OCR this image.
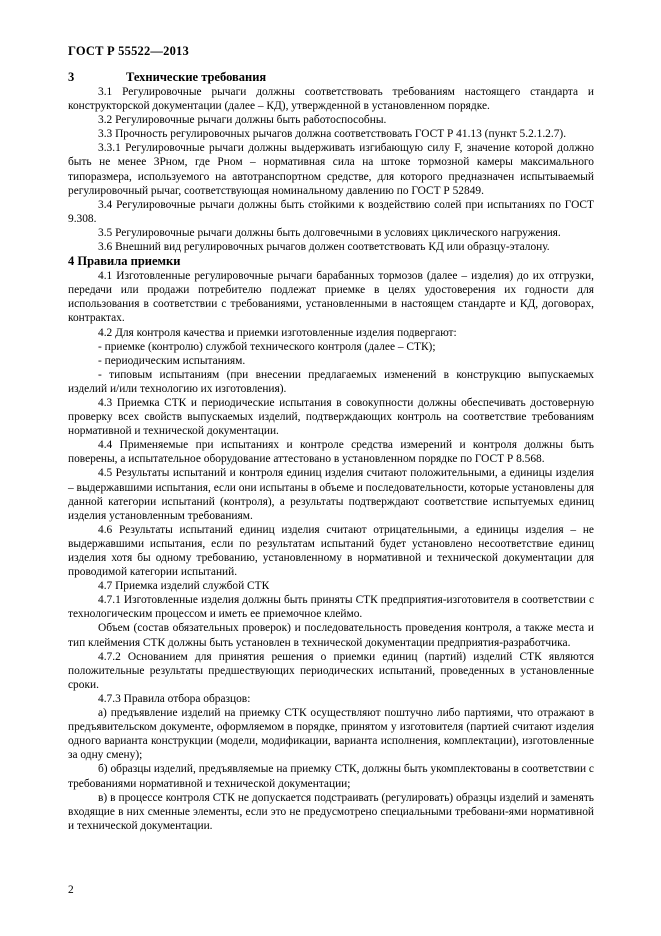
ГОСТ Р 55522—2013
3	Технические требования

3.1 Регулировочные рычаги должны соответствовать требованиям настоящего стандарта и конструкторской документации (далее – КД), утвержденной в установленном порядке.

3.2 Регулировочные рычаги должны быть работоспособны.

3.3 Прочность регулировочных рычагов должна соответствовать ГОСТ Р 41.13 (пункт 5.2.1.2.7).

3.3.1 Регулировочные рычаги должны выдерживать изгибающую силу F, значение которой должно быть не менее 3Pном, где Pном – нормативная сила на штоке тормозной камеры максимального типоразмера, используемого на автотранспортном средстве, для которого предназначен испытываемый регулировочный рычаг, соответствующая номинальному давлению по ГОСТ Р 52849.

3.4 Регулировочные рычаги должны быть стойкими к воздействию солей при испытаниях по ГОСТ 9.308.

3.5 Регулировочные рычаги должны быть долговечными в условиях циклического нагружения.

3.6 Внешний вид регулировочных рычагов должен соответствовать КД или образцу-эталону.

4 Правила приемки

4.1 Изготовленные регулировочные рычаги барабанных тормозов (далее – изделия) до их отгрузки, передачи или продажи потребителю подлежат приемке в целях удостоверения их годности для использования в соответствии с требованиями, установленными в настоящем стандарте и КД, договорах, контрактах.

4.2 Для контроля качества и приемки изготовленные изделия подвергают:

- приемке (контролю) службой технического контроля (далее – СТК);

- периодическим испытаниям.

- типовым испытаниям (при внесении предлагаемых изменений в конструкцию выпускаемых изделий и/или технологию их изготовления).

4.3 Приемка СТК и периодические испытания в совокупности должны обеспечивать достоверную проверку всех свойств выпускаемых изделий, подтверждающих контроль на соответствие требованиям нормативной и технической документации.

4.4 Применяемые при испытаниях и контроле средства измерений и контроля должны быть поверены, а испытательное оборудование аттестовано в установленном порядке по ГОСТ Р 8.568.

4.5 Результаты испытаний и контроля единиц изделия считают положительными, а единицы изделия – выдержавшими испытания, если они испытаны в объеме и последовательности, которые установлены для данной категории испытаний (контроля), а результаты подтверждают соответствие испытуемых единиц изделия установленным требованиям.

4.6 Результаты испытаний единиц изделия считают отрицательными, а единицы изделия – не выдержавшими испытания, если по результатам испытаний будет установлено несоответствие единиц изделия хотя бы одному требованию, установленному в нормативной и технической документации для проводимой категории испытаний.

4.7 Приемка изделий службой СТК

4.7.1 Изготовленные изделия должны быть приняты СТК предприятия-изготовителя в соответствии с технологическим процессом и иметь ее приемочное клеймо.

Объем (состав обязательных проверок) и последовательность проведения контроля, а также места и тип клеймения СТК должны быть установлен в технической документации предприятия-разработчика.

4.7.2 Основанием для принятия решения о приемки единиц (партий) изделий СТК являются положительные результаты предшествующих периодических испытаний, проведенных в установленные сроки.

4.7.3 Правила отбора образцов:

а) предъявление изделий на приемку СТК осуществляют поштучно либо партиями, что отражают в предъявительском документе, оформляемом в порядке, принятом у изготовителя (партией считают изделия одного варианта конструкции (модели, модификации, варианта исполнения, комплектации), изготовленные за одну смену);

б) образцы изделий, предъявляемые на приемку СТК, должны быть укомплектованы в соответствии с требованиями нормативной и технической документации;

в) в процессе контроля СТК не допускается подстраивать (регулировать) образцы изделий и заменять входящие в них сменные элементы, если это не предусмотрено специальными требовани-ями нормативной и технической документации.

2
